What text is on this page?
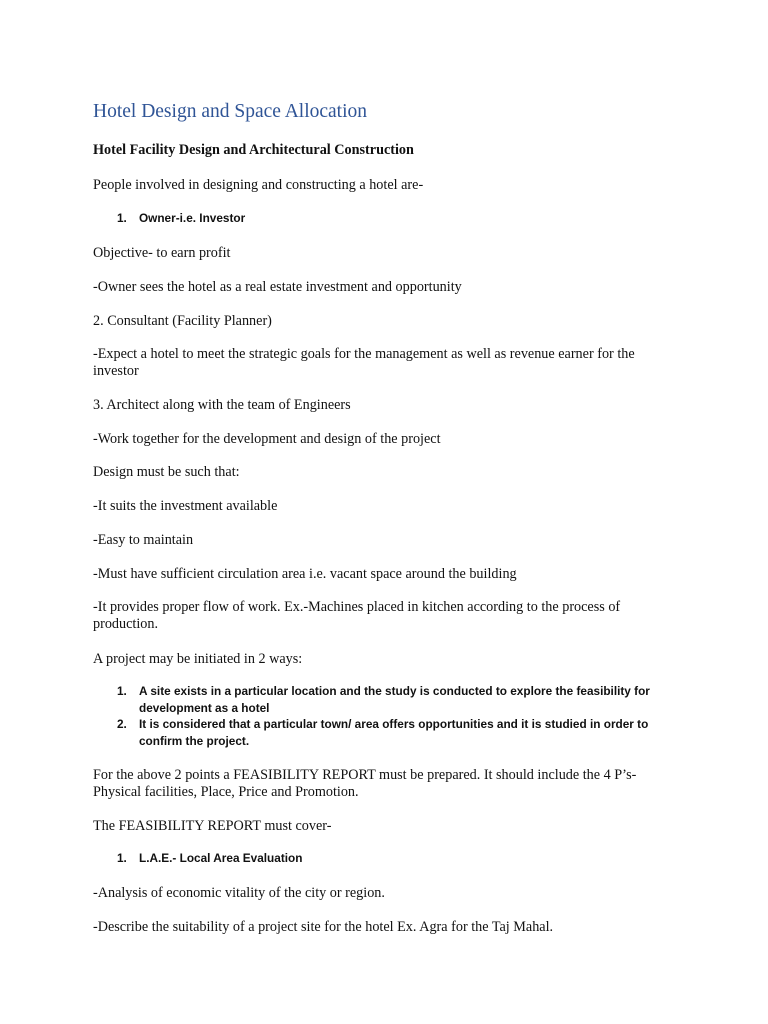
Hotel Design and Space Allocation
Hotel Facility Design and Architectural Construction
People involved in designing and constructing a hotel are-
1. Owner-i.e. Investor
Objective- to earn profit
-Owner sees the hotel as a real estate investment and opportunity
2. Consultant (Facility Planner)
-Expect a hotel to meet the strategic goals for the management as well as revenue earner for the investor
3. Architect along with the team of Engineers
-Work together for the development and design of the project
Design must be such that:
-It suits the investment available
-Easy to maintain
-Must have sufficient circulation area i.e. vacant space around the building
-It provides proper flow of work. Ex.-Machines placed in kitchen according to the process of production.
A project may be initiated in 2 ways:
1. A site exists in a particular location and the study is conducted to explore the feasibility for development as a hotel
2. It is considered that a particular town/ area offers opportunities and it is studied in order to confirm the project.
For the above 2 points a FEASIBILITY REPORT must be prepared. It should include the 4 P’s-Physical facilities, Place, Price and Promotion.
The FEASIBILITY REPORT must cover-
1. L.A.E.- Local Area Evaluation
-Analysis of economic vitality of the city or region.
-Describe the suitability of a project site for the hotel Ex. Agra for the Taj Mahal.
